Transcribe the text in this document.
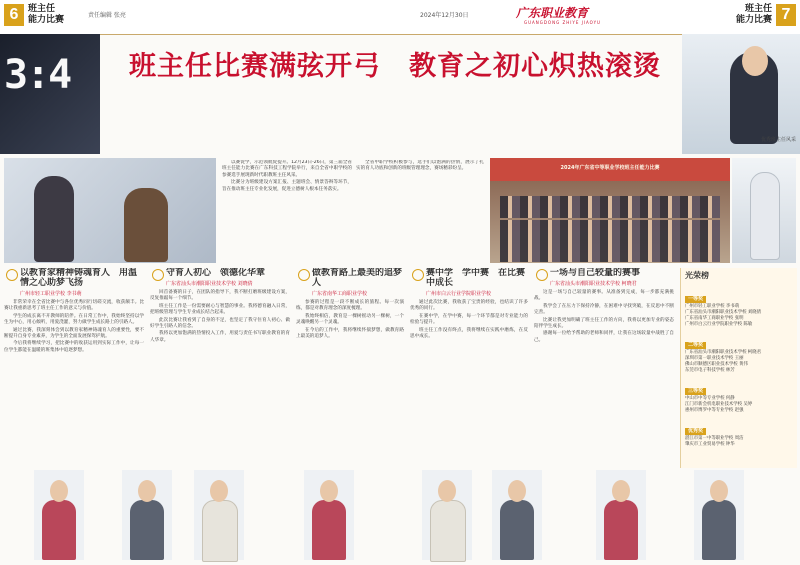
6	班主任
能力比赛	责任编辑 张亮	2024年12月30日	广东职业教育
GUANGDONG ZHIYE JIAOYU
班主任
能力比赛 7
3:4	班主任比赛满弦开弓　教育之初心炽热滚烫
优秀班主任风采

以赛促学，示范领航促提升。12月23日-26日，第三届全省班主任能力比赛在广东科技工程学院举行，来自全省中职学校的参赛选手展现新时代职教班主任风采。

比赛分为班级建设方案汇报、主题班会、情景答辩等环节，旨在推动班主任专业化发展，促进立德树人根本任务落实。

全省中职学校积极参与，选手们以饱满的热情，展示了扎实的育人功底和创新的班级管理理念，赛场精彩纷呈。	2024年广东省中等职业学校班主任能力比赛
以教育家精神铸魂育人　用温情之心助梦飞扬
广州市轻工职业学校 李书萌

非常荣幸在全省比赛中与各位优秀同行切磋交流，收获颇丰。比赛让我重新思考了班主任工作的意义与价值。

学生的成长离不开教师的陪伴。在日常工作中，我始终坚持以学生为中心，用心倾听，用爱浇灌，努力做学生成长路上的引路人。

通过比赛，我深刻体会到以教育家精神铸魂育人的重要性，要不断提升自身专业素养，为学生的全面发展保驾护航。

今后我将继续学习，把比赛中的收获运用到实际工作中，让每一位学生都能在温暖的班集体中追逐梦想。

守育人初心　领德化华章
广东省汕头市潮阳职业技术学校 刘晓倩

回首备赛的日子，在团队的指导下，我不断打磨班级建设方案，反复推敲每一个细节。

班主任工作是一份需要耐心与智慧的事业。我将德育融入日常，把班级管理与学生专业成长结合起来。

此次比赛让我看到了自身的不足，也坚定了我守住育人初心、做好学生引路人的信念。

我将以更加饱满的热情投入工作，用爱与责任书写职业教育的育人华章。

做教育路上最美的追梦人
广东省南华工商职业学校

参赛的过程是一段不断成长的旅程。每一次演练，都是对教育理念的深度梳理。

我始终相信，教育是一棵树摇动另一棵树，一个灵魂唤醒另一个灵魂。

在今后的工作中，我将继续怀揣梦想，做教育路上最美的追梦人。

赛中学　学中赛　在比赛中成长
广州市白云行业学院职业学校

通过此次比赛，我收获了宝贵的经验，也结识了许多优秀的同行。

在赛中学，在学中赛，每一个环节都是对专业能力的检验与提升。

班主任工作没有终点，我将继续在实践中磨炼，在反思中成长。

一场与自己较量的赛事
广东省汕头市潮阳职业技术学校 柯晓君

这是一场与自己较量的赛事。从准备到完成，每一步都充满挑战。

我学会了在压力下保持冷静，在困难中寻找突破，在反思中不断完善。

比赛让我更加明确了班主任工作的方向，我将以更加专业的姿态陪伴学生成长。

感谢每一位给予帮助的老师和同伴，让我在这场较量中战胜了自己。

光荣榜
一等奖
广州市轻工职业学校 李书萌
广东省汕头市潮阳职业技术学校 刘晓倩
广东省南华工商职业学校 张明
广州市白云行业学院职业学校 陈敏
二等奖
广东省汕头市潮阳职业技术学校 柯晓君
深圳市第一职业技术学校 王丽
佛山市顺德区职业技术学校 黄伟
东莞市电子科技学校 林芳
三等奖
中山市中等专业学校 何静
江门市新会机电职业技术学校 吴婷
惠州市博罗中等专业学校 赵强
优秀奖
湛江市第一中等职业学校 周洁
肇庆市工业贸易学校 钟华
